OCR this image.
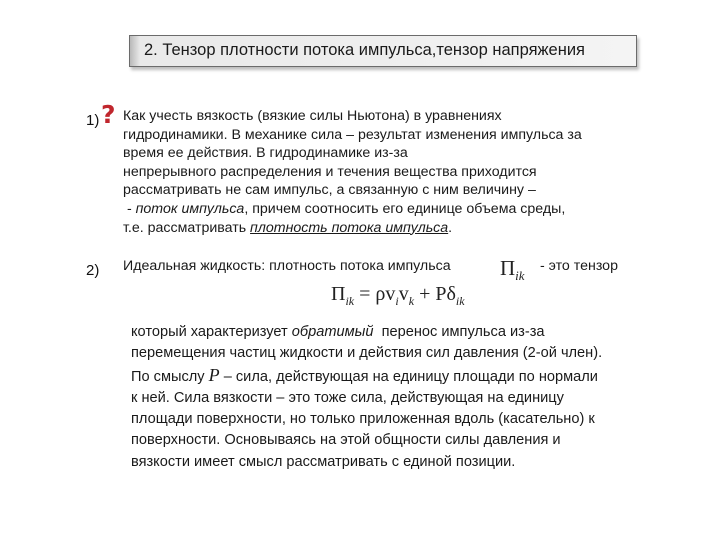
2. Тензор плотности потока импульса,тензор напряжения
1) ? Как учесть вязкость (вязкие силы Ньютона) в уравнениях
гидродинамики. В механике сила – результат изменения импульса за
время ее действия. В гидродинамике из-за
непрерывного распределения и течения вещества приходится
рассматривать не сам импульс, а связанную с ним величину –
- поток импульса, причем соотносить его единице объема среды,
т.е. рассматривать плотность потока импульса.
2) Идеальная жидкость: плотность потока импульса $\Pi_{ik}$
- это тензор
$\Pi_{ik} = \rho v_iv_k + P\delta_{ik}$
который характеризует обратимый  перенос импульса из-за
перемещения частиц жидкости и действия сил давления (2-ой член).
По смыслу P – сила, действующая на единицу площади по нормали
к ней. Сила вязкости – это тоже сила, действующая на единицу
площади поверхности, но только приложенная вдоль (касательно) к
поверхности. Основываясь на этой общности силы давления и
вязкости имеет смысл рассматривать с единой позиции.
